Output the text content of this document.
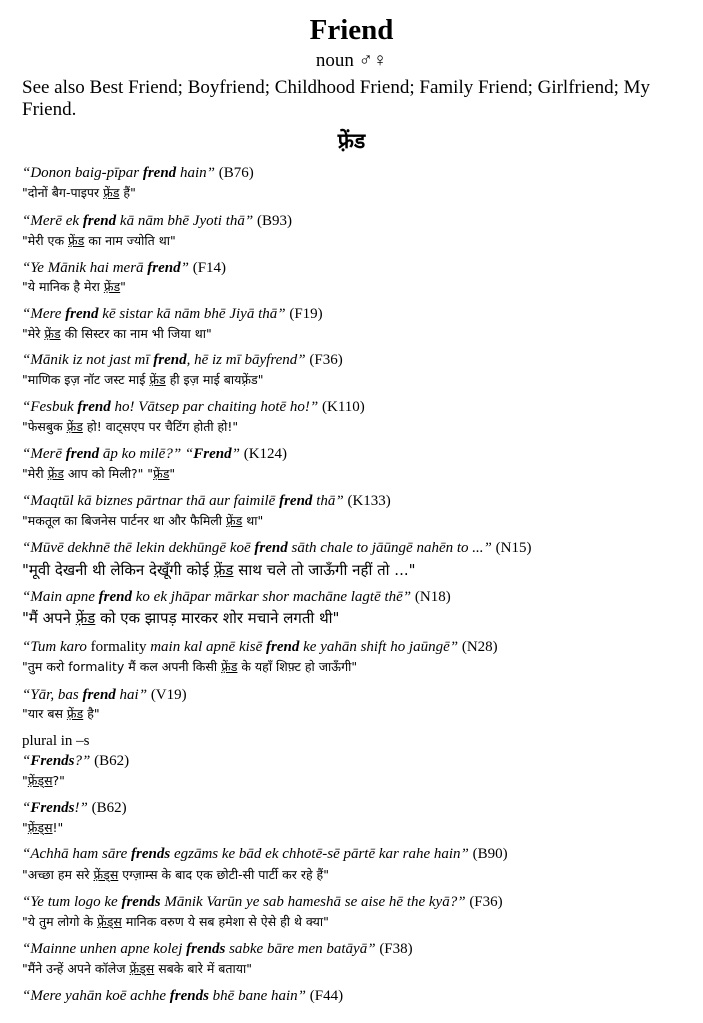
Friend
noun ♂♀
See also Best Friend; Boyfriend; Childhood Friend; Family Friend; Girlfriend; My Friend.
फ़्रेंड
“Donon baig-pīpar frend hain” (B76)
"दोनों बैग-पाइपर फ़्रेंड हैं"
“Merē ek frend kā nām bhē Jyoti thā” (B93)
"मेरी एक फ़्रेंड का नाम ज्योति था"
“Ye Mānik hai merā frend” (F14)
"ये मानिक है मेरा फ़्रेंड"
“Mere frend kē sistar kā nām bhē Jiyā thā” (F19)
"मेरे फ़्रेंड की सिस्टर का नाम भी जिया था"
“Mānik iz not jast mī frend, hē iz mī bāyfrend” (F36)
"माणिक इज़ नॉट जस्ट माई फ़्रेंड ही इज़ माई बायफ़्रेंड"
“Fesbuk frend ho! Vātsep par chaiting hotē ho!” (K110)
"फेसबुक फ़्रेंड हो! वाट्सएप पर चैटिंग होती हो!"
“Merē frend āp ko milē?” “Frend” (K124)
"मेरी फ़्रेंड आप को मिली?" "फ़्रेंड"
“Maqtūl kā biznes pārtnar thā aur faimilē frend thā” (K133)
"मकतूल का बिजनेस पार्टनर था और फैमिली फ़्रेंड था"
“Mūvē dekhnē thē lekin dekhūngē koē frend sāth chale to jāūngē nahēn to ...” (N15)
"मूवी देखनी थी लेकिन देखूँगी कोई फ़्रेंड साथ चले तो जाऊँगी नहीं तो ..."
“Main apne frend ko ek jhāpar mārkar shor machāne lagtē thē” (N18)
"मैं अपने फ़्रेंड को एक झापड़ मारकर शोर मचाने लगती थी"
“Tum karo formality main kal apnē kisē frend ke yahān shift ho jaūngē” (N28)
"तुम करो formality मैं कल अपनी किसी फ़्रेंड के यहाँ शिफ़्ट हो जाऊँगी"
“Yār, bas frend hai” (V19)
"यार बस फ़्रेंड है"
plural in –s
“Frends?” (B62)
"फ़्रेंड्स?"
“Frends!” (B62)
"फ़्रेंड्स!"
“Achhā ham sāre frends egzāms ke bād ek chhotē-sē pārtē kar rahe hain” (B90)
"अच्छा हम सरे फ़्रेंड्स एग्ज़ाम्स के बाद एक छोटी-सी पार्टी कर रहे हैं"
“Ye tum logo ke frends Mānik Varūn ye sab hameshā se aise hē the kyā?” (F36)
"ये तुम लोगो के फ़्रेंड्स मानिक वरुण ये सब हमेशा से ऐसे ही थे क्या"
“Mainne unhen apne kolej frends sabke bāre men batāyā” (F38)
"मैंने उन्हें अपने कॉलेज फ़्रेंड्स सबके बारे में बताया"
“Mere yahān koē achhe frends bhē bane hain” (F44)
